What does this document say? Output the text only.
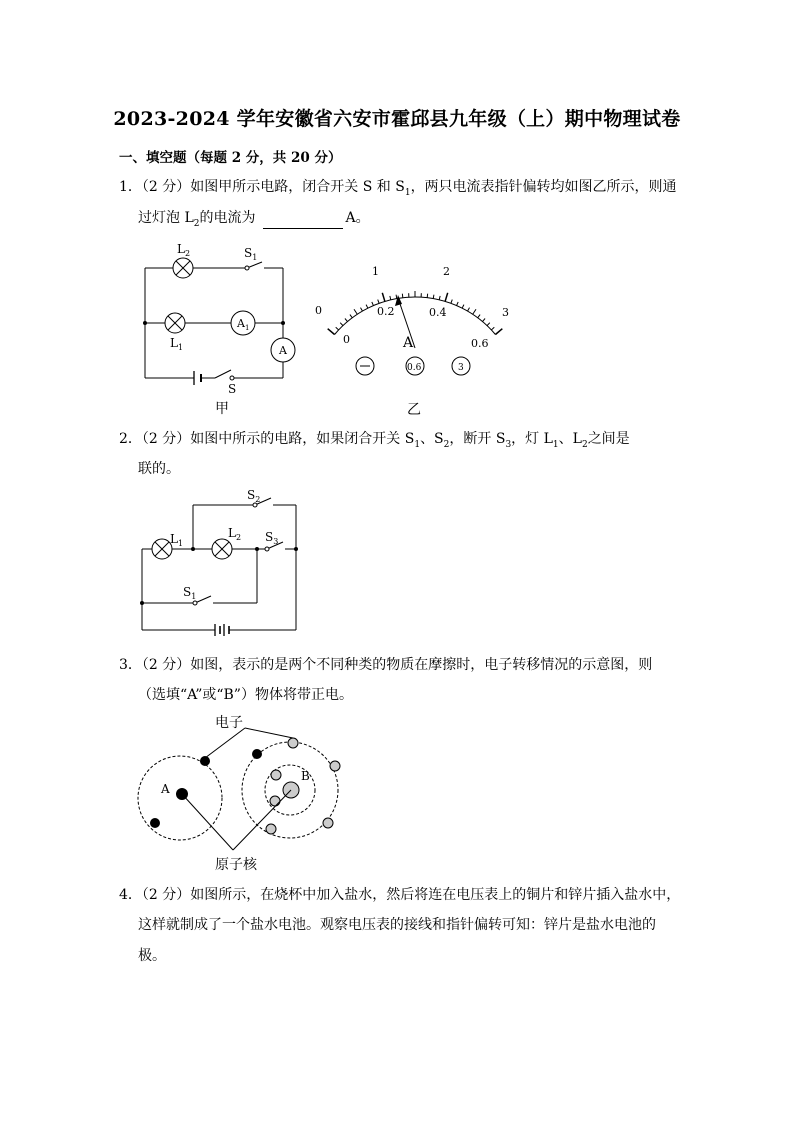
2023-2024 学年安徽省六安市霍邱县九年级（上）期中物理试卷
一、填空题（每题 2 分，共 20 分）
1．（2 分）如图甲所示电路，闭合开关 S 和 $S_1$，两只电流表指针偏转均如图乙所示，则通
过灯泡 $L_2$的电流为	A。
$L_2$	$S_1$
$L_1$
$A_1$
A
S
甲
0
1	2
3
0
0.2	0.4
0.6
A
0.6	3
乙
2．（2 分）如图中所示的电路，如果闭合开关 $S_1$、$S_2$，断开 $S_3$，灯 $L_1$、$L_2$之间是
联的。
$S_2$
$L_1$
$L_2$ $S_3$
$S_1$
3．（2 分）如图，表示的是两个不同种类的物质在摩擦时，电子转移情况的示意图，则
（选填“A”或“B”）物体将带正电。
电子
原子核
A
B
4．（2 分）如图所示，在烧杯中加入盐水，然后将连在电压表上的铜片和锌片插入盐水中，
这样就制成了一个盐水电池。观察电压表的接线和指针偏转可知：锌片是盐水电池的
极。
